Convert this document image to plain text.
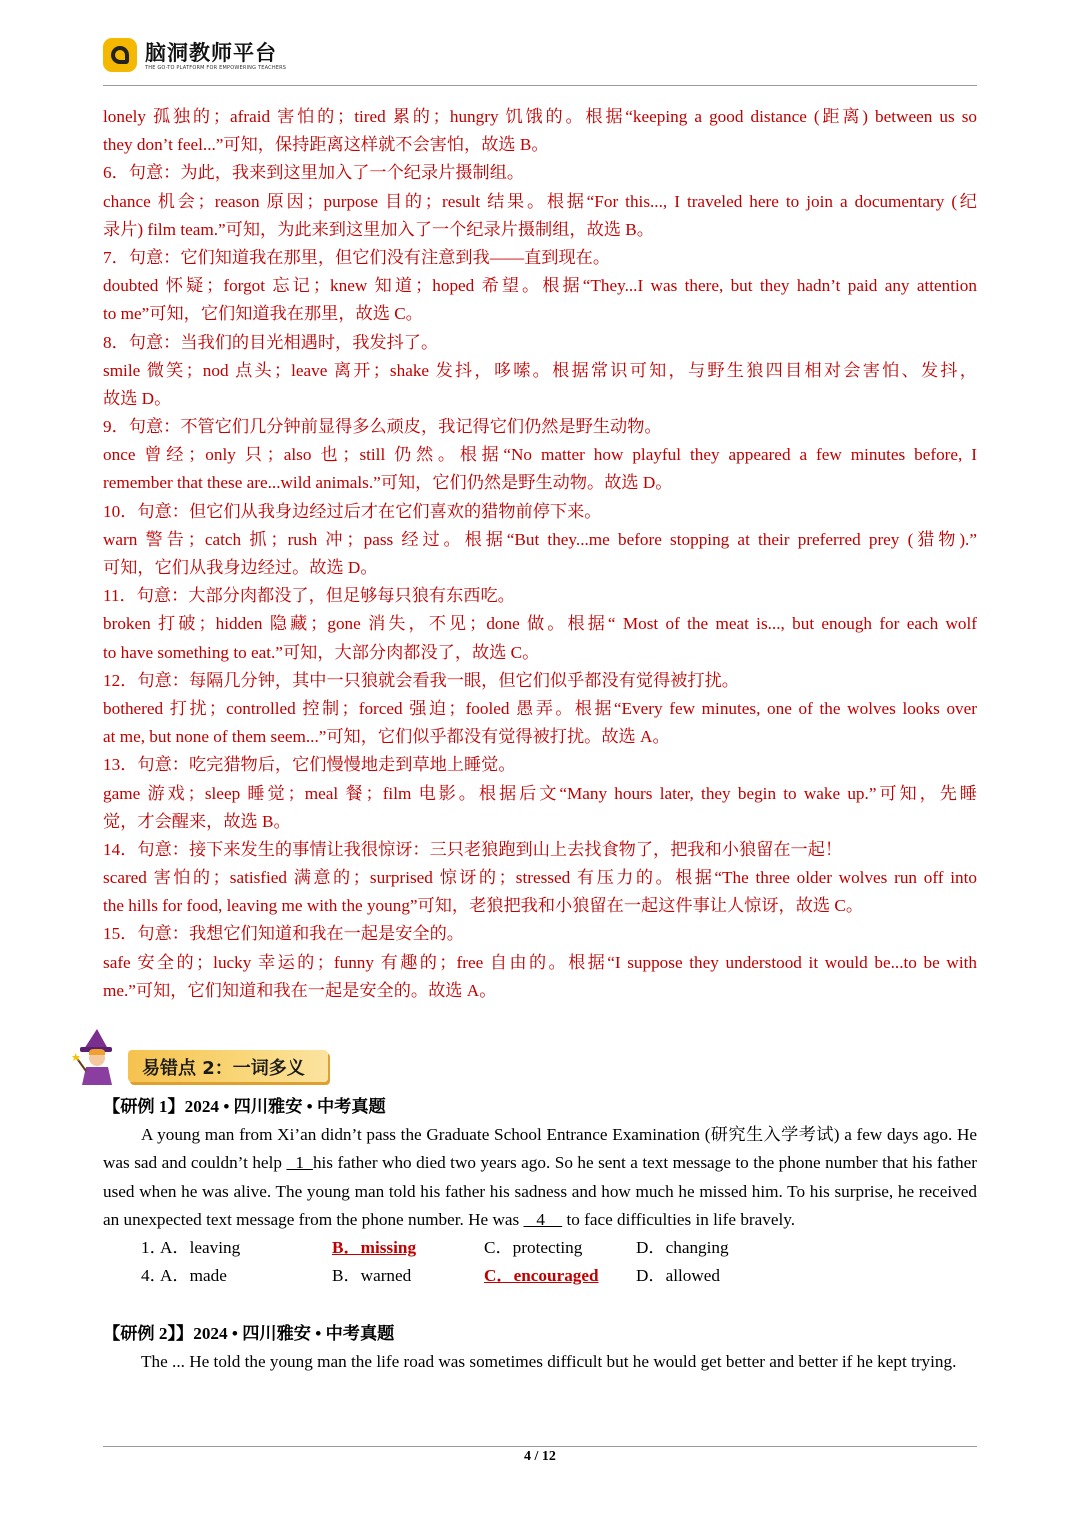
脑洞教师平台
THE GO-TO PLATFORM FOR EMPOWERING TEACHERS
lonely 孤独的；afraid 害怕的；tired 累的；hungry 饥饿的。根据“keeping a good distance (距离) between us so
they don’t feel...”可知，保持距离这样就不会害怕，故选 B。
6．句意：为此，我来到这里加入了一个纪录片摄制组。
chance 机会；reason 原因；purpose 目的；result 结果。根据“For this..., I traveled here to join a documentary (纪
录片) film team.”可知，为此来到这里加入了一个纪录片摄制组，故选 B。
7．句意：它们知道我在那里，但它们没有注意到我——直到现在。
doubted 怀疑；forgot 忘记；knew 知道；hoped 希望。根据“They...I was there, but they hadn’t paid any attention
to me”可知，它们知道我在那里，故选 C。
8．句意：当我们的目光相遇时，我发抖了。
smile 微笑；nod 点头；leave 离开；shake 发抖，哆嗦。根据常识可知，与野生狼四目相对会害怕、发抖，
故选 D。
9．句意：不管它们几分钟前显得多么顽皮，我记得它们仍然是野生动物。
once 曾经；only 只；also 也；still 仍然。根据“No matter how playful they appeared a few minutes before, I
remember that these are...wild animals.”可知，它们仍然是野生动物。故选 D。
10．句意：但它们从我身边经过后才在它们喜欢的猎物前停下来。
warn 警告；catch 抓；rush 冲；pass 经过。根据“But they...me before stopping at their preferred prey (猎物).”
可知，它们从我身边经过。故选 D。
11．句意：大部分肉都没了，但足够每只狼有东西吃。
broken 打破；hidden 隐藏；gone 消失，不见；done 做。根据“ Most of the meat is..., but enough for each wolf
to have something to eat.”可知，大部分肉都没了，故选 C。
12．句意：每隔几分钟，其中一只狼就会看我一眼，但它们似乎都没有觉得被打扰。
bothered 打扰；controlled 控制；forced 强迫；fooled 愚弄。根据“Every few minutes, one of the wolves looks over
at me, but none of them seem...”可知，它们似乎都没有觉得被打扰。故选 A。
13．句意：吃完猎物后，它们慢慢地走到草地上睡觉。
game 游戏；sleep 睡觉；meal 餐；film 电影。根据后文“Many hours later, they begin to wake up.”可知，先睡
觉，才会醒来，故选 B。
14．句意：接下来发生的事情让我很惊讶：三只老狼跑到山上去找食物了，把我和小狼留在一起！
scared 害怕的；satisfied 满意的；surprised 惊讶的；stressed 有压力的。根据“The three older wolves run off into
the hills for food, leaving me with the young”可知，老狼把我和小狼留在一起这件事让人惊讶，故选 C。
15．句意：我想它们知道和我在一起是安全的。
safe 安全的；lucky 幸运的；funny 有趣的；free 自由的。根据“I suppose they understood it would be...to be with
me.”可知，它们知道和我在一起是安全的。故选 A。
易错点 2：一词多义
【研例 1】2024 • 四川雅安 • 中考真题
A young man from Xi’an didn’t pass the Graduate School Entrance Examination (研究生入学考试) a few days ago. He was sad and couldn’t help   1  his father who died two years ago. So he sent a text message to the phone number that his father used when he was alive. The young man told his father his sadness and how much he missed him. To his surprise, he received an unexpected text message from the phone number. He was    4     to face difficulties in life bravely.
1．
A．leaving	B．missing	C．protecting	D．changing
4．
A．made	B．warned	C．encouraged D．allowed
【研例 2】】2024 • 四川雅安 • 中考真题
The ... He told the young man the life road was sometimes difficult but he would get better and better if he kept trying.
4 / 12
